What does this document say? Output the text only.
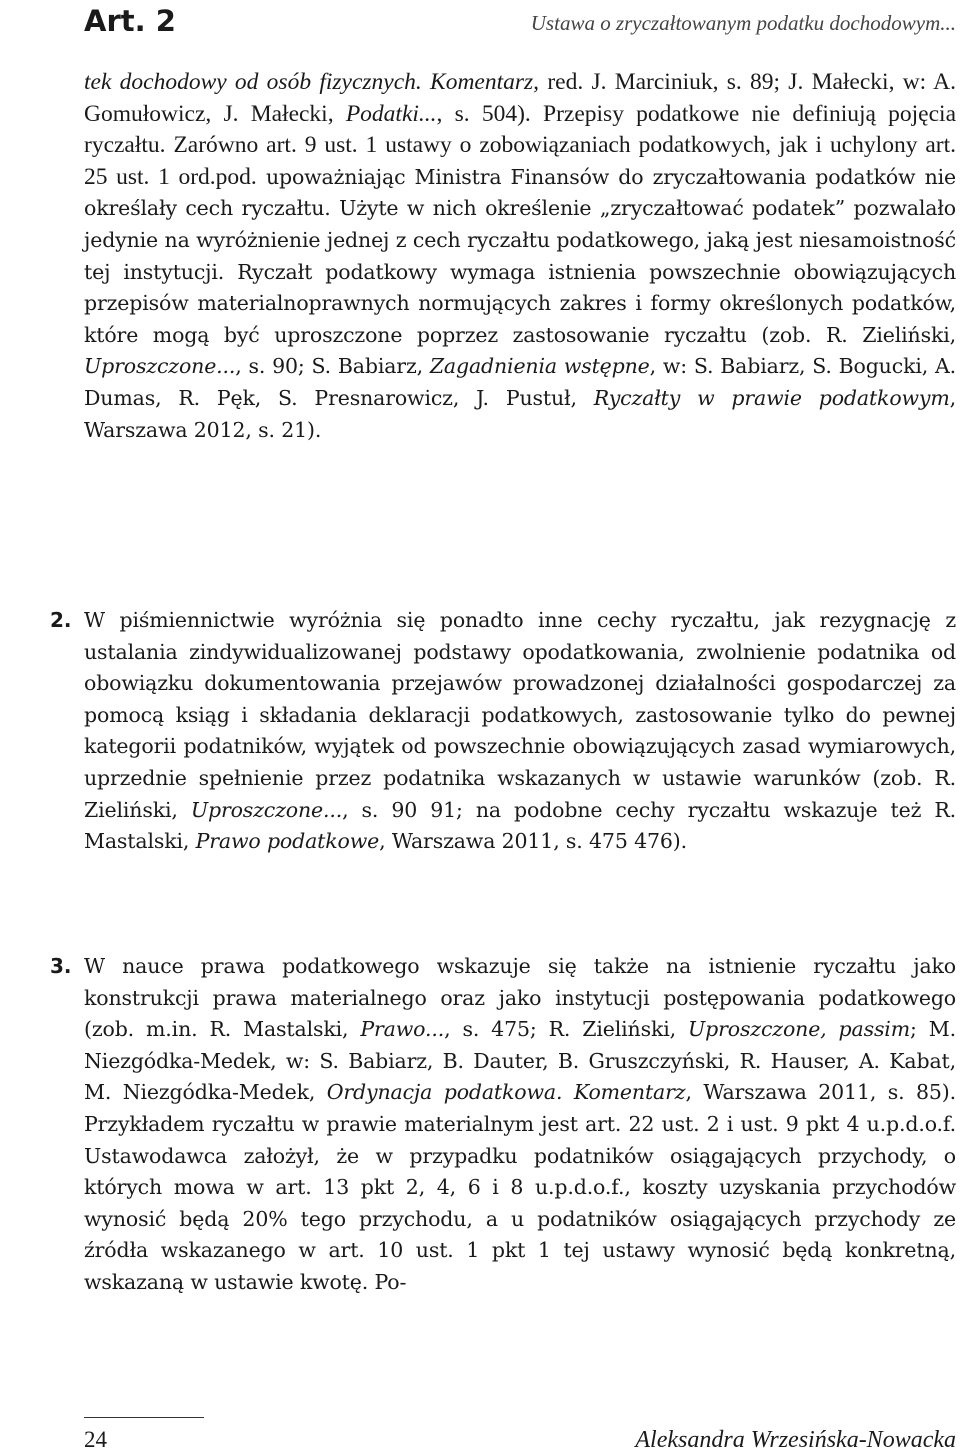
Art. 2	Ustawa o zryczałtowanym podatku dochodowym...
tek dochodowy od osób fizycznych. Komentarz, red. J. Marciniuk, s. 89; J. Małecki, w: A. Gomułowicz, J. Małecki, Podatki..., s. 504). Przepisy podatkowe nie definiują pojęcia ryczałtu. Zarówno art. 9 ust. 1 ustawy o zobowiązaniach podatkowych, jak i uchylony art. 25 ust. 1 ord.pod. upoważniając Ministra Finansów do zryczałtowania podatków nie określały cech ryczałtu. Użyte w nich określenie „zryczałtować podatek” pozwalało jedynie na wyróżnienie jednej z cech ryczałtu podatkowego, jaką jest niesamoistność tej instytucji. Ryczałt podatkowy wymaga istnienia powszechnie obowiązujących przepisów materialnoprawnych normujących zakres i formy określonych podatków, które mogą być uproszczone poprzez zastosowanie ryczałtu (zob. R. Zieliński, Uproszczone..., s. 90; S. Babiarz, Zagadnienia wstępne, w: S. Babiarz, S. Bogucki, A. Dumas, R. Pęk, S. Presnarowicz, J. Pustuł, Ryczałty w prawie podatkowym, Warszawa 2012, s. 21).
2. W piśmiennictwie wyróżnia się ponadto inne cechy ryczałtu, jak rezygnację z ustalania zindywidualizowanej podstawy opodatkowania, zwolnienie podatnika od obowiązku dokumentowania przejawów prowadzonej działalności gospodarczej za pomocą ksiąg i składania deklaracji podatkowych, zastosowanie tylko do pewnej kategorii podatników, wyjątek od powszechnie obowiązujących zasad wymiarowych, uprzednie spełnienie przez podatnika wskazanych w ustawie warunków (zob. R. Zieliński, Uproszczone..., s. 90 91; na podobne cechy ryczałtu wskazuje też R. Mastalski, Prawo podatkowe, Warszawa 2011, s. 475 476).
3. W nauce prawa podatkowego wskazuje się także na istnienie ryczałtu jako konstrukcji prawa materialnego oraz jako instytucji postępowania podatkowego (zob. m.in. R. Mastalski, Prawo..., s. 475; R. Zieliński, Uproszczone, passim; M. Niezgódka-Medek, w: S. Babiarz, B. Dauter, B. Gruszczyński, R. Hauser, A. Kabat, M. Niezgódka-Medek, Ordynacja podatkowa. Komentarz, Warszawa 2011, s. 85). Przykładem ryczałtu w prawie materialnym jest art. 22 ust. 2 i ust. 9 pkt 4 u.p.d.o.f. Ustawodawca założył, że w przypadku podatników osiągających przychody, o których mowa w art. 13 pkt 2, 4, 6 i 8 u.p.d.o.f., koszty uzyskania przychodów wynosić będą 20% tego przychodu, a u podatników osiągających przychody ze źródła wskazanego w art. 10 ust. 1 pkt 1 tej ustawy wynosić będą konkretną, wskazaną w ustawie kwotę. Po-
24	Aleksandra Wrzesińska-Nowacka
